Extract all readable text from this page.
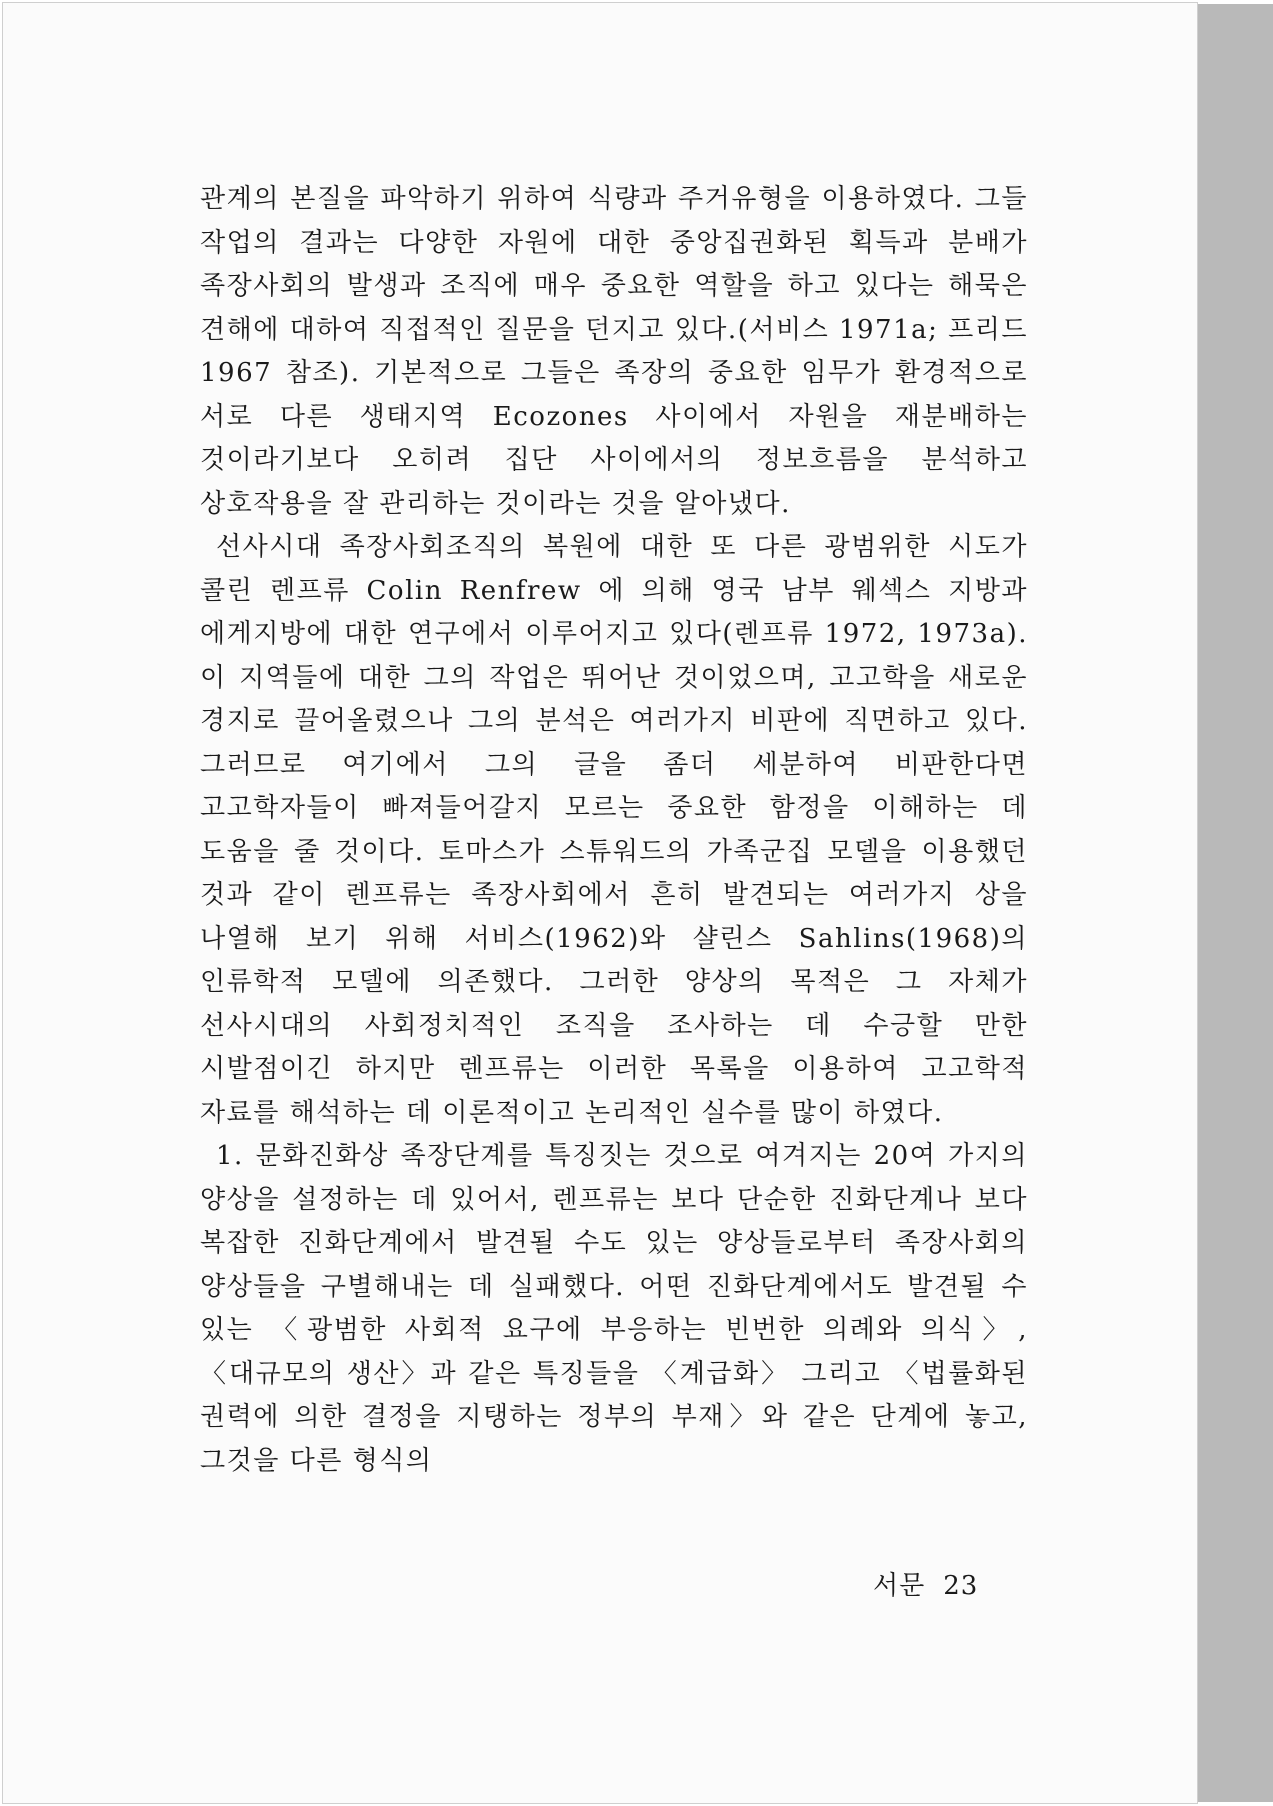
관계의 본질을 파악하기 위하여 식량과 주거유형을 이용하였다. 그들 작업의 결과는 다양한 자원에 대한 중앙집권화된 획득과 분배가 족장사회의 발생과 조직에 매우 중요한 역할을 하고 있다는 해묵은 견해에 대하여 직접적인 질문을 던지고 있다.(서비스 1971a; 프리드 1967 참조). 기본적으로 그들은 족장의 중요한 임무가 환경적으로 서로 다른 생태지역 Ecozones 사이에서 자원을 재분배하는 것이라기보다 오히려 집단 사이에서의 정보흐름을 분석하고 상호작용을 잘 관리하는 것이라는 것을 알아냈다.

선사시대 족장사회조직의 복원에 대한 또 다른 광범위한 시도가 콜린 렌프류 Colin Renfrew 에 의해 영국 남부 웨섹스 지방과 에게지방에 대한 연구에서 이루어지고 있다(렌프류 1972, 1973a). 이 지역들에 대한 그의 작업은 뛰어난 것이었으며, 고고학을 새로운 경지로 끌어올렸으나 그의 분석은 여러가지 비판에 직면하고 있다. 그러므로 여기에서 그의 글을 좀더 세분하여 비판한다면 고고학자들이 빠져들어갈지 모르는 중요한 함정을 이해하는 데 도움을 줄 것이다. 토마스가 스튜워드의 가족군집 모델을 이용했던 것과 같이 렌프류는 족장사회에서 흔히 발견되는 여러가지 상을 나열해 보기 위해 서비스(1962)와 샬린스 Sahlins(1968)의 인류학적 모델에 의존했다. 그러한 양상의 목적은 그 자체가 선사시대의 사회정치적인 조직을 조사하는 데 수긍할 만한 시발점이긴 하지만 렌프류는 이러한 목록을 이용하여 고고학적 자료를 해석하는 데 이론적이고 논리적인 실수를 많이 하였다.

1. 문화진화상 족장단계를 특징짓는 것으로 여겨지는 20여 가지의 양상을 설정하는 데 있어서, 렌프류는 보다 단순한 진화단계나 보다 복잡한 진화단계에서 발견될 수도 있는 양상들로부터 족장사회의 양상들을 구별해내는 데 실패했다. 어떤 진화단계에서도 발견될 수 있는 〈광범한 사회적 요구에 부응하는 빈번한 의례와 의식〉, 〈대규모의 생산〉과 같은 특징들을 〈계급화〉 그리고 〈법률화된 권력에 의한 결정을 지탱하는 정부의 부재〉와 같은 단계에 놓고, 그것을 다른 형식의

서문 23
